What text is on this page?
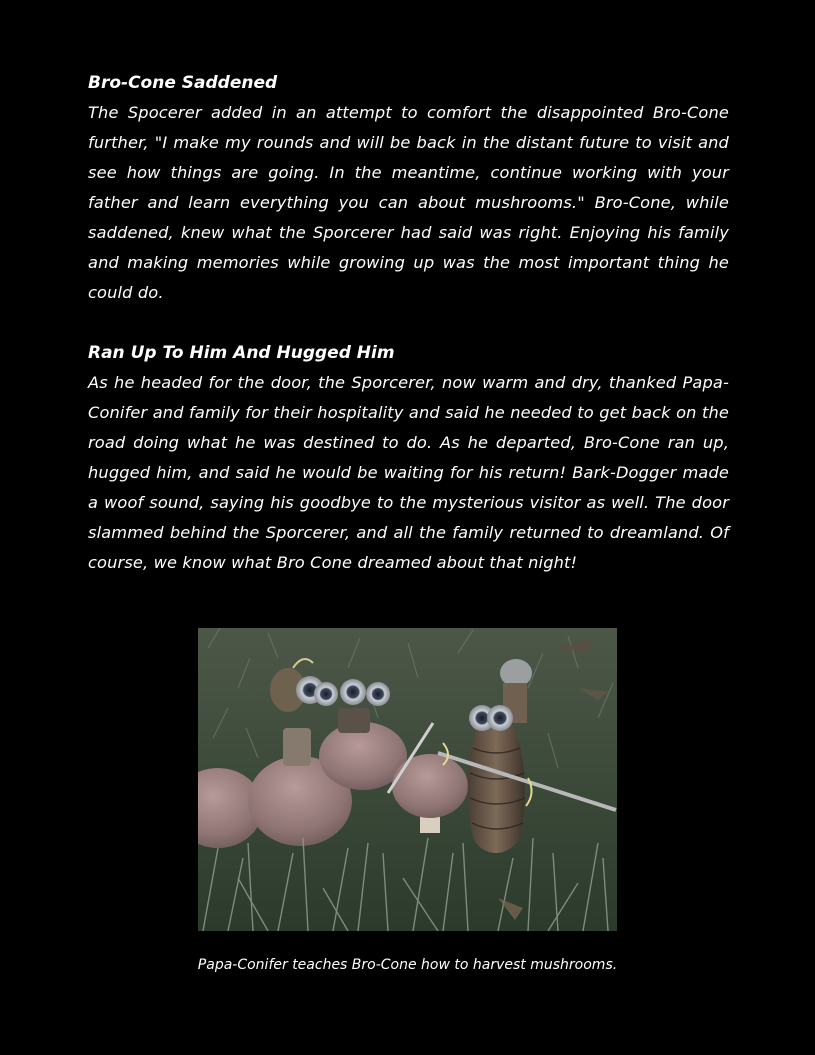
Bro-Cone Saddened

The Spocerer added in an attempt to comfort the disappointed Bro-Cone further, "I make my rounds and will be back in the distant future to visit and see how things are going. In the meantime, continue working with your father and learn everything you can about mushrooms." Bro-Cone, while saddened, knew what the Sporcerer had said was right. Enjoying his family and making memories while growing up was the most important thing he could do.

Ran Up To Him And Hugged Him

As he headed for the door, the Sporcerer, now warm and dry, thanked Papa-Conifer and family for their hospitality and said he needed to get back on the road doing what he was destined to do. As he departed, Bro-Cone ran up, hugged him, and said he would be waiting for his return! Bark-Dogger made a woof sound, saying his goodbye to the mysterious visitor as well. The door slammed behind the Sporcerer, and all the family returned to dreamland. Of course, we know what Bro Cone dreamed about that night!

Papa-Conifer teaches Bro-Cone how to harvest mushrooms.
